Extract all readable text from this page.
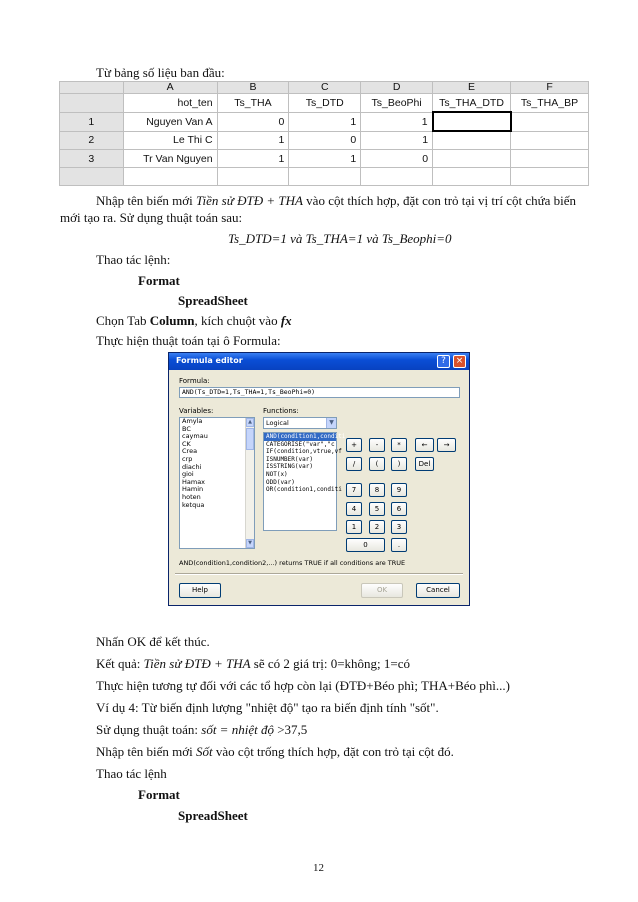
Từ bảng số liệu ban đầu:
	A	B	C	D	E	F
	hot_ten	Ts_THA	Ts_DTD	Ts_BeoPhi	Ts_THA_DTD	Ts_THA_BP
1	Nguyen Van A	0	1	1		
2	Le Thi C	1	0	1		
3	Tr Van Nguyen	1	1	0		

Nhập tên biến mới Tiền sử ĐTĐ + THA vào cột thích hợp, đặt con trỏ tại vị trí cột chứa biến
mới tạo ra. Sử dụng thuật toán sau:
Ts_DTD=1 và Ts_THA=1 và Ts_Beophi=0
Thao tác lệnh:
Format
SpreadSheet
Chọn Tab Column, kích chuột vào fx
Thực hiện thuật toán tại ô Formula:
Formula editor	?	×
Formula:
AND(Ts_DTD=1,Ts_THA=1,Ts_BeoPhi=0)
Variables:
Amyla
BC
caymau
CK
Crea
crp
diachi
gioi
Hamax
Hamin
hoten
ketqua
▲
▼
Functions:
Logical	▼
AND(condition1,conditi
CATEGORISE("var","c
IF(condition,vtrue,vf
ISNUMBER(var)
ISSTRING(var)
NOT(x)
ODD(var)
OR(condition1,conditi
+	-	*	←	→
/	(	)	Del
7	8	9
4	5	6
1	2	3
0	.
AND(condition1,condition2,...) returns TRUE if all conditions are TRUE
Help	OK	Cancel
Nhấn OK để kết thúc.
Kết quả: Tiền sử ĐTĐ + THA sẽ có 2 giá trị: 0=không; 1=có
Thực hiện tương tự đối với các tổ hợp còn lại (ĐTĐ+Béo phì; THA+Béo phì...)
Ví dụ 4: Từ biến định lượng "nhiệt độ" tạo ra biến định tính "sốt".
Sử dụng thuật toán: sốt = nhiệt độ >37,5
Nhập tên biến mới Sốt vào cột trống thích hợp, đặt con trỏ tại cột đó.
Thao tác lệnh
Format
SpreadSheet
12
